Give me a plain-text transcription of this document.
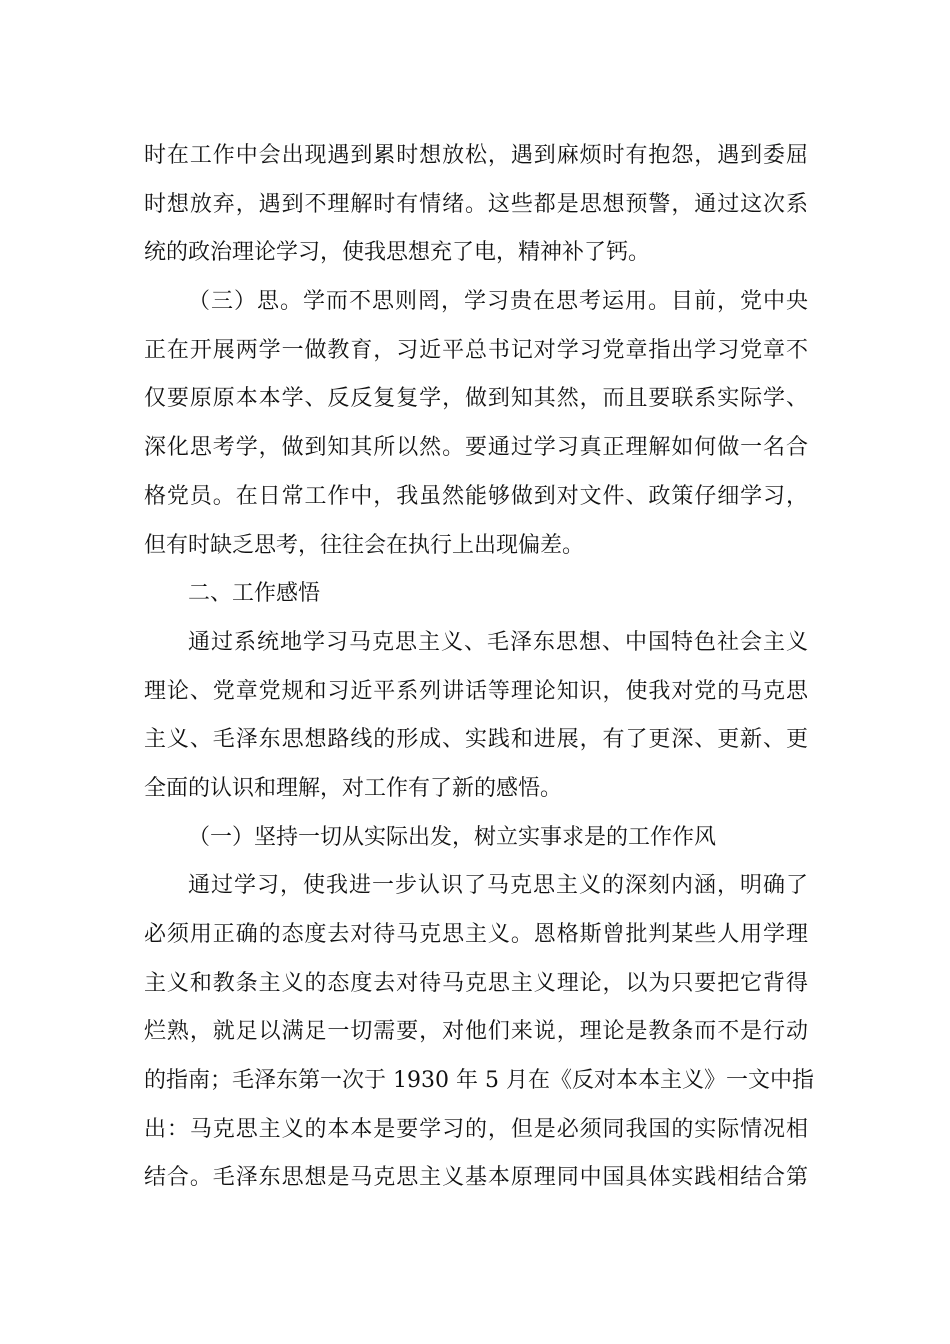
时在工作中会出现遇到累时想放松，遇到麻烦时有抱怨，遇到委屈
时想放弃，遇到不理解时有情绪。这些都是思想预警，通过这次系
统的政治理论学习，使我思想充了电，精神补了钙。
（三）思。学而不思则罔，学习贵在思考运用。目前，党中央
正在开展两学一做教育，习近平总书记对学习党章指出学习党章不
仅要原原本本学、反反复复学，做到知其然，而且要联系实际学、
深化思考学，做到知其所以然。要通过学习真正理解如何做一名合
格党员。在日常工作中，我虽然能够做到对文件、政策仔细学习，
但有时缺乏思考，往往会在执行上出现偏差。
二、工作感悟
通过系统地学习马克思主义、毛泽东思想、中国特色社会主义
理论、党章党规和习近平系列讲话等理论知识，使我对党的马克思
主义、毛泽东思想路线的形成、实践和进展，有了更深、更新、更
全面的认识和理解，对工作有了新的感悟。
（一）坚持一切从实际出发，树立实事求是的工作作风
通过学习，使我进一步认识了马克思主义的深刻内涵，明确了
必须用正确的态度去对待马克思主义。恩格斯曾批判某些人用学理
主义和教条主义的态度去对待马克思主义理论，以为只要把它背得
烂熟，就足以满足一切需要，对他们来说，理论是教条而不是行动
的指南；毛泽东第一次于 1930 年 5 月在《反对本本主义》一文中指
出：马克思主义的本本是要学习的，但是必须同我国的实际情况相
结合。毛泽东思想是马克思主义基本原理同中国具体实践相结合第
